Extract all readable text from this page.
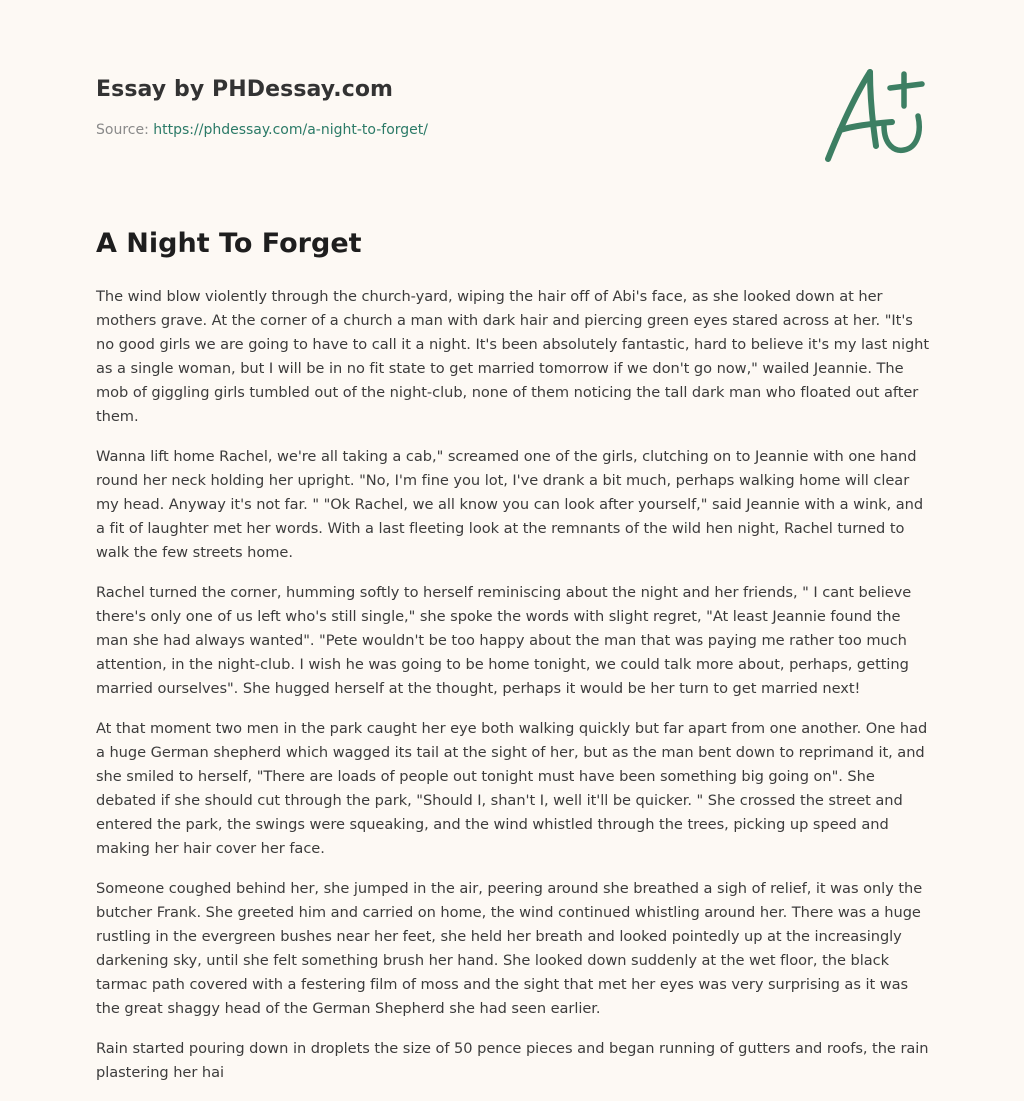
Essay by PHDessay.com
Source: https://phdessay.com/a-night-to-forget/
A Night To Forget

The wind blow violently through the church-yard, wiping the hair off of Abi's face, as she looked down at her mothers grave. At the corner of a church a man with dark hair and piercing green eyes stared across at her. "It's no good girls we are going to have to call it a night. It's been absolutely fantastic, hard to believe it's my last night as a single woman, but I will be in no fit state to get married tomorrow if we don't go now," wailed Jeannie. The mob of giggling girls tumbled out of the night-club, none of them noticing the tall dark man who floated out after them.

Wanna lift home Rachel, we're all taking a cab," screamed one of the girls, clutching on to Jeannie with one hand round her neck holding her upright. "No, I'm fine you lot, I've drank a bit much, perhaps walking home will clear my head. Anyway it's not far. " "Ok Rachel, we all know you can look after yourself," said Jeannie with a wink, and a fit of laughter met her words. With a last fleeting look at the remnants of the wild hen night, Rachel turned to walk the few streets home.

Rachel turned the corner, humming softly to herself reminiscing about the night and her friends, " I cant believe there's only one of us left who's still single," she spoke the words with slight regret, "At least Jeannie found the man she had always wanted". "Pete wouldn't be too happy about the man that was paying me rather too much attention, in the night-club. I wish he was going to be home tonight, we could talk more about, perhaps, getting married ourselves". She hugged herself at the thought, perhaps it would be her turn to get married next!

At that moment two men in the park caught her eye both walking quickly but far apart from one another. One had a huge German shepherd which wagged its tail at the sight of her, but as the man bent down to reprimand it, and she smiled to herself, "There are loads of people out tonight must have been something big going on". She debated if she should cut through the park, "Should I, shan't I, well it'll be quicker. " She crossed the street and entered the park, the swings were squeaking, and the wind whistled through the trees, picking up speed and making her hair cover her face.

Someone coughed behind her, she jumped in the air, peering around she breathed a sigh of relief, it was only the butcher Frank. She greeted him and carried on home, the wind continued whistling around her. There was a huge rustling in the evergreen bushes near her feet, she held her breath and looked pointedly up at the increasingly darkening sky, until she felt something brush her hand. She looked down suddenly at the wet floor, the black tarmac path covered with a festering film of moss and the sight that met her eyes was very surprising as it was the great shaggy head of the German Shepherd she had seen earlier.

Rain started pouring down in droplets the size of 50 pence pieces and began running of gutters and roofs, the rain plastering her hai
